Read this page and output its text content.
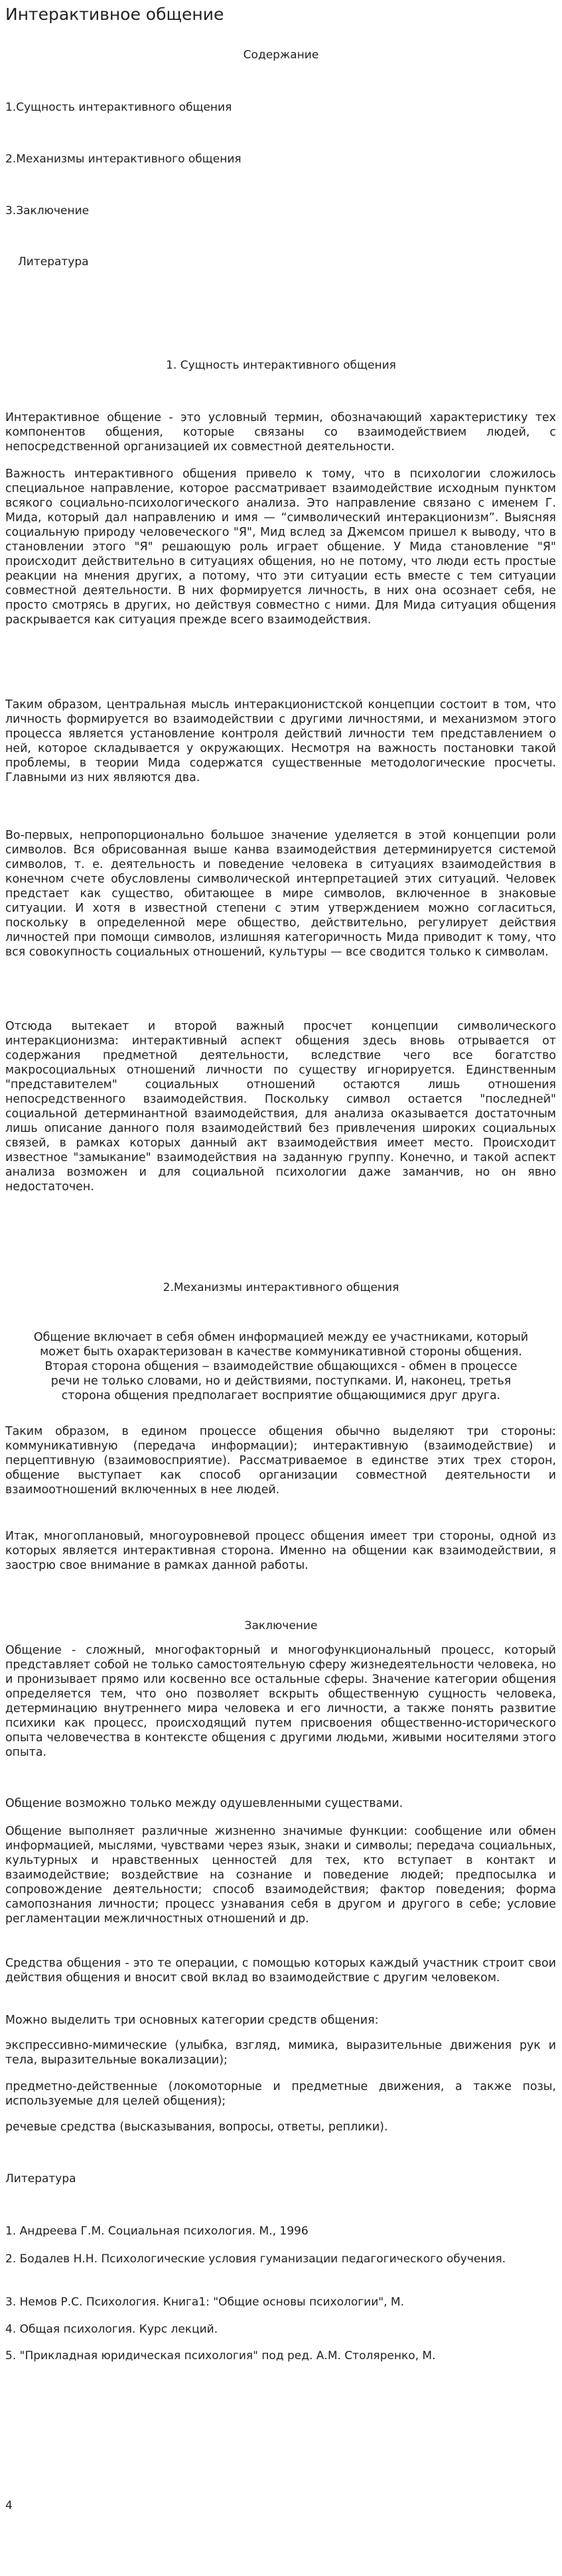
Интерактивное общение
Содержание
1.Сущность интерактивного общения
2.Механизмы интерактивного общения
3.Заключение
Литература
1. Сущность интерактивного общения

Интерактивное общение - это условный термин, обозначающий характеристику тех компонентов общения, которые связаны со взаимодействием людей, с непосредственной организацией их совместной деятельности.

Важность интерактивного общения привело к тому, что в психологии сложилось специальное направление, которое рассматривает взаимодействие исходным пунктом всякого социально-психологического анализа. Это направление связано с именем Г. Мида, который дал направлению и имя — “символический интеракционизм”. Выясняя социальную природу человеческого "Я", Мид вслед за Джемсом пришел к выводу, что в становлении этого "Я" решающую роль играет общение. У Мида становление "Я" происходит действительно в ситуациях общения, но не потому, что люди есть простые реакции на мнения других, а потому, что эти ситуации есть вместе с тем ситуации совместной деятельности. В них формируется личность, в них она осознает себя, не просто смотрясь в других, но действуя совместно с ними. Для Мида ситуация общения раскрывается как ситуация прежде всего взаимодействия.

Таким образом, центральная мысль интеракционистской концепции состоит в том, что личность формируется во взаимодействии с другими личностями, и механизмом этого процесса является установление контроля действий личности тем представлением о ней, которое складывается у окружающих. Несмотря на важность постановки такой проблемы, в теории Мида содержатся существенные методологические просчеты. Главными из них являются два.

Во-первых, непропорционально большое значение уделяется в этой концепции роли символов. Вся обрисованная выше канва взаимодействия детерминируется системой символов, т. е. деятельность и поведение человека в ситуациях взаимодействия в конечном счете обусловлены символической интерпретацией этих ситуаций. Человек предстает как существо, обитающее в мире символов, включенное в знаковые ситуации. И хотя в известной степени с этим утверждением можно согласиться, поскольку в определенной мере общество, действительно, регулирует действия личностей при помощи символов, излишняя категоричность Мида приводит к тому, что вся совокупность социальных отношений, культуры — все сводится только к символам.

Отсюда вытекает и второй важный просчет концепции символического интеракционизма: интерактивный аспект общения здесь вновь отрывается от содержания предметной деятельности, вследствие чего все богатство макросоциальных отношений личности по существу игнорируется. Единственным "представителем" социальных отношений остаются лишь отношения непосредственного взаимодействия. Поскольку символ остается "последней" социальной детерминантной взаимодействия, для анализа оказывается достаточным лишь описание данного поля взаимодействий без привлечения широких социальных связей, в рамках которых данный акт взаимодействия имеет место. Происходит известное "замыкание" взаимодействия на заданную группу. Конечно, и такой аспект анализа возможен и для социальной психологии даже заманчив, но он явно недостаточен.

2.Механизмы интерактивного общения
Общение включает в себя обмен информацией между ее участниками, который
может быть охарактеризован в качестве коммуникативной стороны общения.
Вторая сторона общения ‒ взаимодействие общающихся - обмен в процессе
речи не только словами, но и действиями, поступками. И, наконец, третья
сторона общения предполагает восприятие общающимися друг друга.

Таким образом, в едином процессе общения обычно выделяют три стороны: коммуникативную (передача информации); интерактивную (взаимодействие) и перцептивную (взаимовосприятие). Рассматриваемое в единстве этих трех сторон, общение выступает как способ организации совместной деятельности и взаимоотношений включенных в нее людей.

Итак, многоплановый, многоуровневой процесс общения имеет три стороны, одной из которых является интерактивная сторона. Именно на общении как взаимодействии, я заострю свое внимание в рамках данной работы.

Заключение

Общение - сложный, многофакторный и многофункциональный процесс, который представляет собой не только самостоятельную сферу жизнедеятельности человека, но и пронизывает прямо или косвенно все остальные сферы. Значение категории общения определяется тем, что оно позволяет вскрыть общественную сущность человека, детерминацию внутреннего мира человека и его личности, а также понять развитие психики как процесс, происходящий путем присвоения общественно-исторического опыта человечества в контексте общения с другими людьми, живыми носителями этого опыта.

Общение возможно только между одушевленными существами.

Общение выполняет различные жизненно значимые функции: сообщение или обмен информацией, мыслями, чувствами через язык, знаки и символы; передача социальных, культурных и нравственных ценностей для тех, кто вступает в контакт и взаимодействие; воздействие на сознание и поведение людей; предпосылка и сопровождение деятельности; способ взаимодействия; фактор поведения; форма самопознания личности; процесс узнавания себя в другом и другого в себе; условие регламентации межличностных отношений и др.

Средства общения - это те операции, с помощью которых каждый участник строит свои действия общения и вносит свой вклад во взаимодействие с другим человеком.

Можно выделить три основных категории средств общения:

экспрессивно-мимические (улыбка, взгляд, мимика, выразительные движения рук и тела, выразительные вокализации);

предметно-действенные (локомоторные и предметные движения, а также позы, используемые для целей общения);

речевые средства (высказывания, вопросы, ответы, реплики).

Литература
1. Андреева Г.М. Социальная психология. М., 1996
2. Бодалев Н.Н. Психологические условия гуманизации педагогического обучения.
3. Немов Р.С. Психология. Книга1: "Общие основы психологии", М.
4. Общая психология. Курс лекций.
5. "Прикладная юридическая психология" под ред. А.М. Столяренко, М.
4
